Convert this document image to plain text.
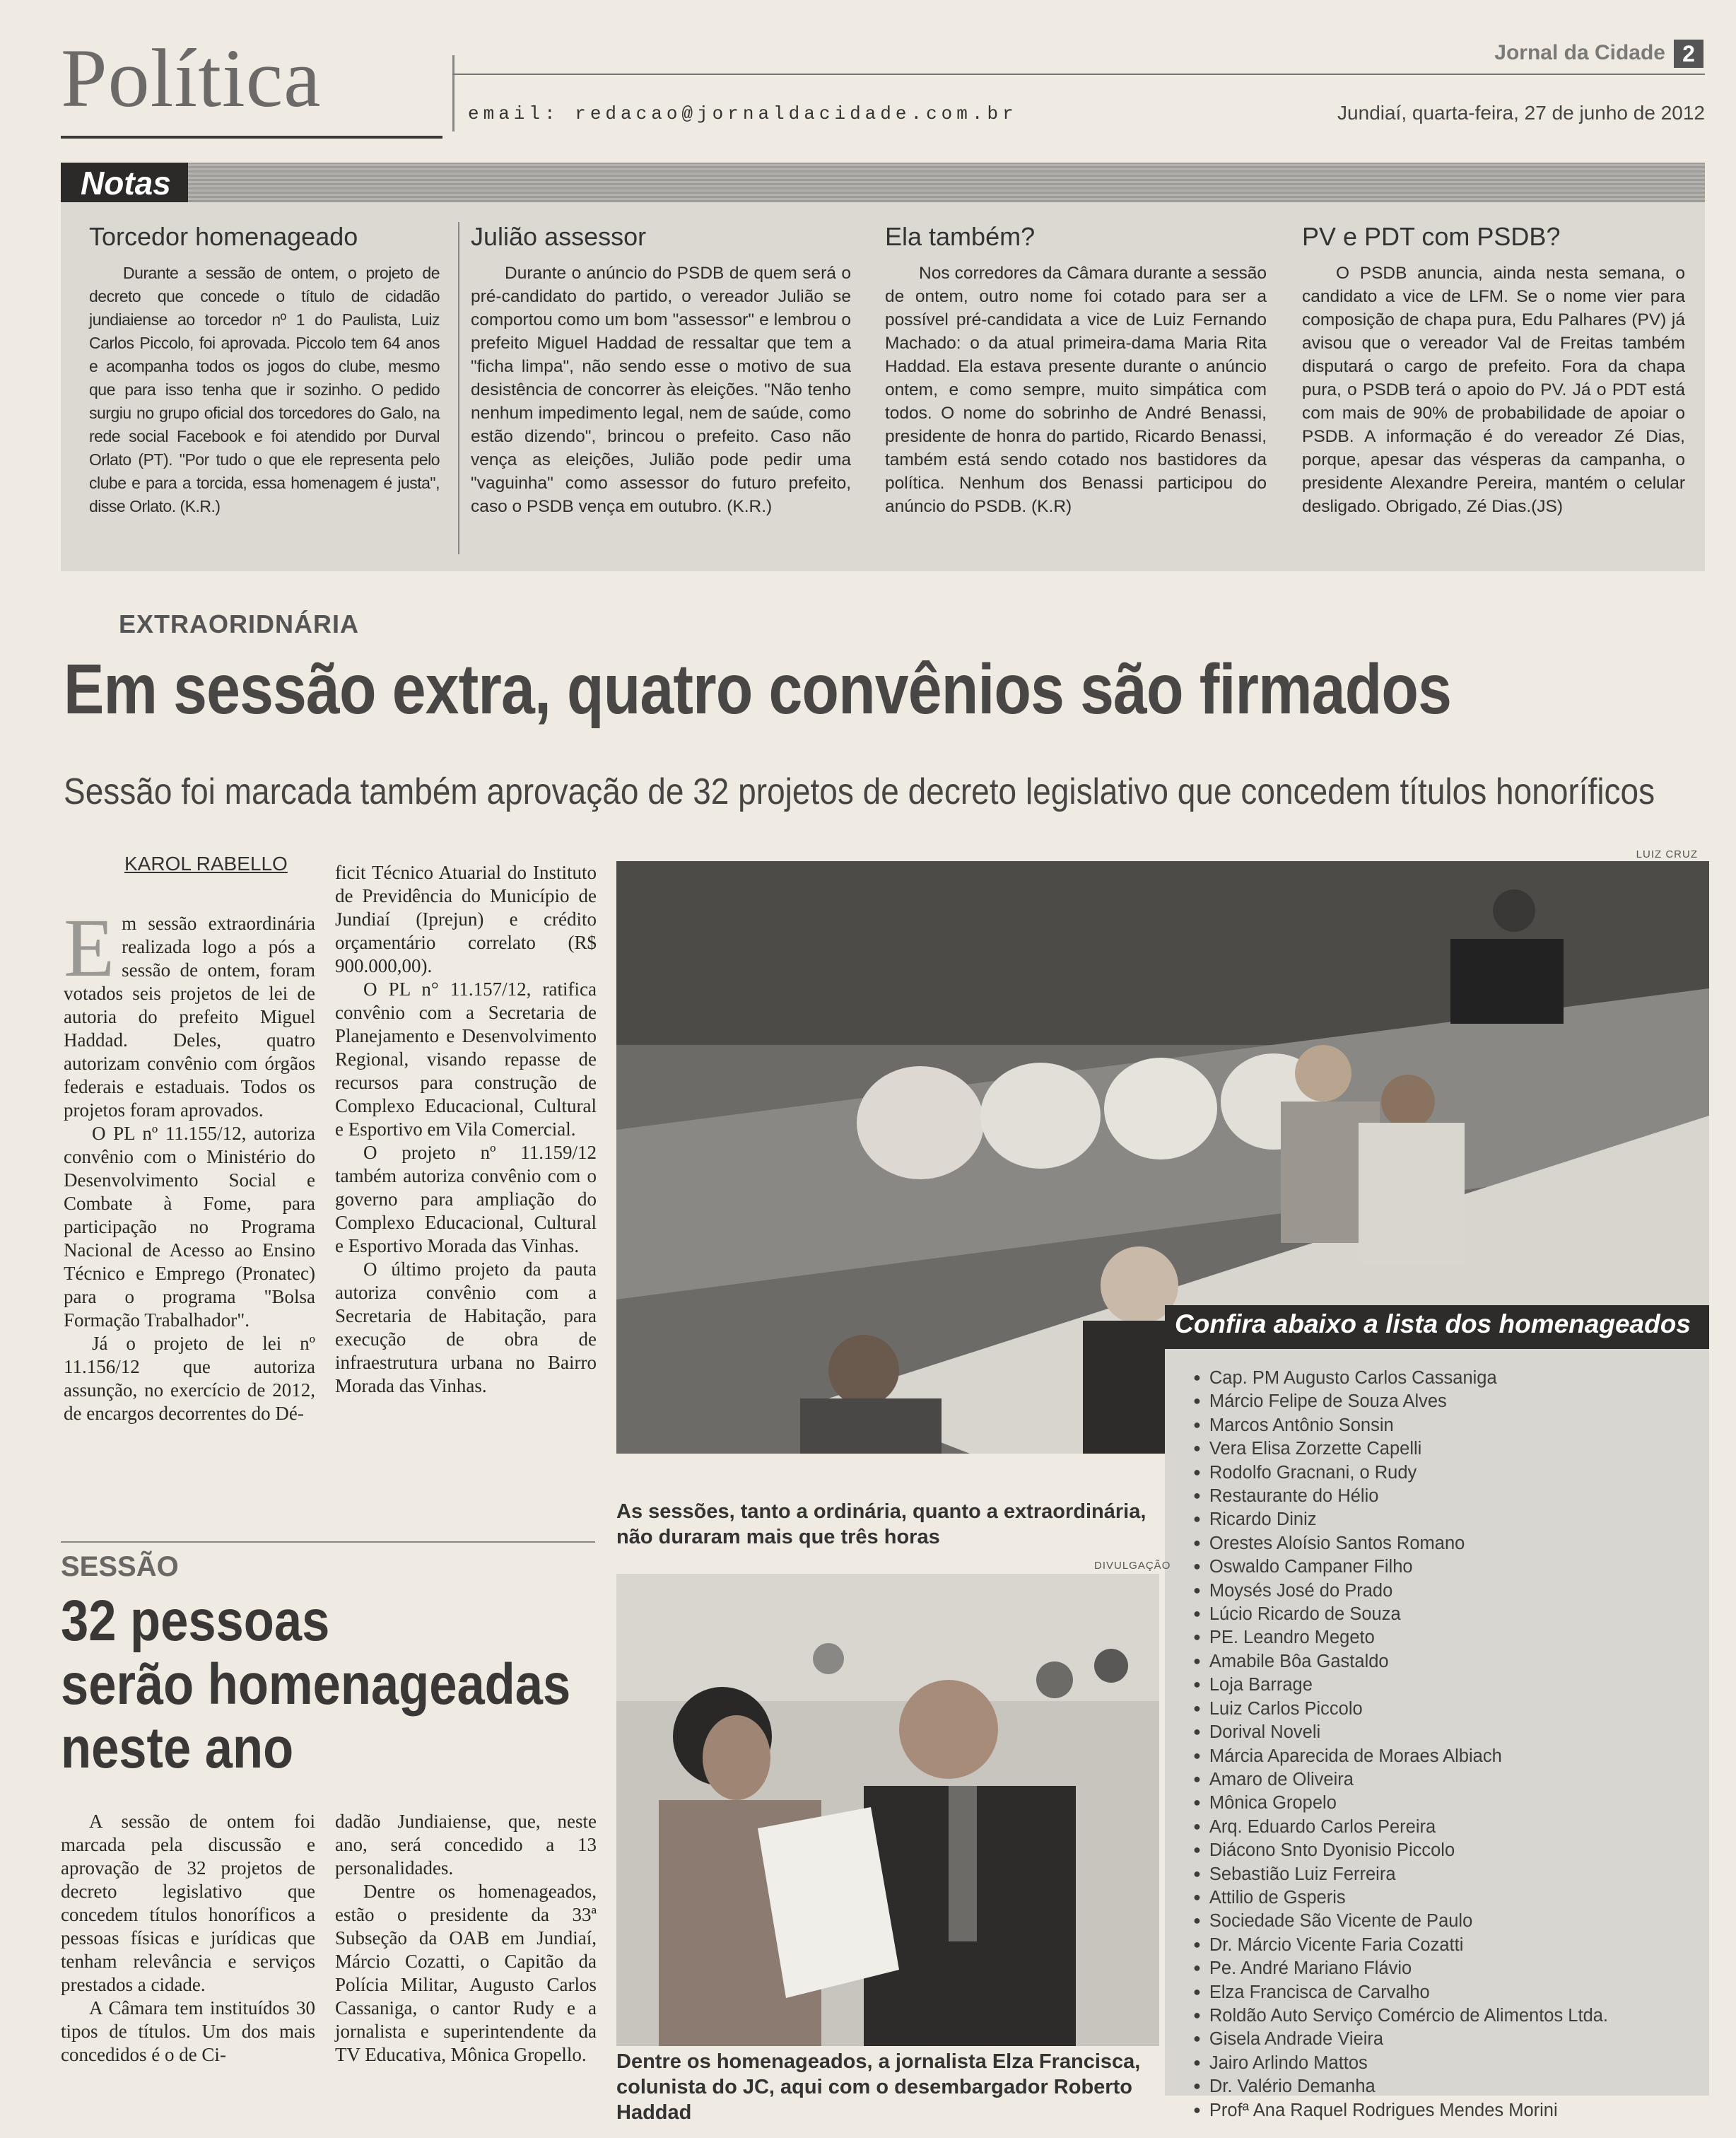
Política	email: redacao@jornaldacidade.com.br
Jornal da Cidade 2
Jundiaí, quarta-feira, 27 de junho de 2012
Notas

Torcedor homenageado

Durante a sessão de ontem, o projeto de decreto que concede o título de cidadão jundiaiense ao torcedor nº 1 do Paulista, Luiz Carlos Piccolo, foi aprovada. Piccolo tem 64 anos e acompanha todos os jogos do clube, mesmo que para isso tenha que ir sozinho. O pedido surgiu no grupo oficial dos torcedores do Galo, na rede social Facebook e foi atendido por Durval Orlato (PT). "Por tudo o que ele representa pelo clube e para a torcida, essa homenagem é justa", disse Orlato. (K.R.)

Julião assessor

Durante o anúncio do PSDB de quem será o pré-candidato do partido, o vereador Julião se comportou como um bom "assessor" e lembrou o prefeito Miguel Haddad de ressaltar que tem a "ficha limpa", não sendo esse o motivo de sua desistência de concorrer às eleições. "Não tenho nenhum impedimento legal, nem de saúde, como estão dizendo", brincou o prefeito. Caso não vença as eleições, Julião pode pedir uma "vaguinha" como assessor do futuro prefeito, caso o PSDB vença em outubro. (K.R.)

Ela também?

Nos corredores da Câmara durante a sessão de ontem, outro nome foi cotado para ser a possível pré-candidata a vice de Luiz Fernando Machado: o da atual primeira-dama Maria Rita Haddad. Ela estava presente durante o anúncio ontem, e como sempre, muito simpática com todos. O nome do sobrinho de André Benassi, presidente de honra do partido, Ricardo Benassi, também está sendo cotado nos bastidores da política. Nenhum dos Benassi participou do anúncio do PSDB. (K.R)

PV e PDT com PSDB?

O PSDB anuncia, ainda nesta semana, o candidato a vice de LFM. Se o nome vier para composição de chapa pura, Edu Palhares (PV) já avisou que o vereador Val de Freitas também disputará o cargo de prefeito. Fora da chapa pura, o PSDB terá o apoio do PV. Já o PDT está com mais de 90% de probabilidade de apoiar o PSDB. A informação é do vereador Zé Dias, porque, apesar das vésperas da campanha, o presidente Alexandre Pereira, mantém o celular desligado. Obrigado, Zé Dias.(JS)

EXTRAORIDNÁRIA
Em sessão extra, quatro convênios são firmados
Sessão foi marcada também aprovação de 32 projetos de decreto legislativo que concedem títulos honoríficos
KAROL RABELLO
E m sessão extraordinária realizada logo a pós a sessão de ontem, foram votados seis projetos de lei de autoria do prefeito Miguel Haddad. Deles, quatro autorizam convênio com órgãos federais e estaduais. Todos os projetos foram aprovados.

O PL nº 11.155/12, autoriza convênio com o Ministério do Desenvolvimento Social e Combate à Fome, para participação no Programa Nacional de Acesso ao Ensino Técnico e Emprego (Pronatec) para o programa "Bolsa Formação Trabalhador".

Já o projeto de lei nº 11.156/12 que autoriza assunção, no exercício de 2012, de encargos decorrentes do Dé-

ficit Técnico Atuarial do Instituto de Previdência do Município de Jundiaí (Iprejun) e crédito orçamentário correlato (R$ 900.000,00).

O PL n° 11.157/12, ratifica convênio com a Secretaria de Planejamento e Desenvolvimento Regional, visando repasse de recursos para construção de Complexo Educacional, Cultural e Esportivo em Vila Comercial.

O projeto nº 11.159/12 também autoriza convênio com o governo para ampliação do Complexo Educacional, Cultural e Esportivo Morada das Vinhas.

O último projeto da pauta autoriza convênio com a Secretaria de Habitação, para execução de obra de infraestrutura urbana no Bairro Morada das Vinhas.

LUIZ CRUZ
As sessões, tanto a ordinária, quanto a extraordinária, não duraram mais que três horas
Confira abaixo a lista dos homenageados
● Cap. PM Augusto Carlos Cassaniga
● Márcio Felipe de Souza Alves
● Marcos Antônio Sonsin
● Vera Elisa Zorzette Capelli
● Rodolfo Gracnani, o Rudy
● Restaurante do Hélio
● Ricardo Diniz
● Orestes Aloísio Santos Romano
● Oswaldo Campaner Filho
● Moysés José do Prado
● Lúcio Ricardo de Souza
● PE. Leandro Megeto
● Amabile Bôa Gastaldo
● Loja Barrage
● Luiz Carlos Piccolo
● Dorival Noveli
● Márcia Aparecida de Moraes Albiach
● Amaro de Oliveira
● Mônica Gropelo
● Arq. Eduardo Carlos Pereira
● Diácono Snto Dyonisio Piccolo
● Sebastião Luiz Ferreira
● Attilio de Gsperis
● Sociedade São Vicente de Paulo
● Dr. Márcio Vicente Faria Cozatti
● Pe. André Mariano Flávio
● Elza Francisca de Carvalho
● Roldão Auto Serviço Comércio de Alimentos Ltda.
● Gisela Andrade Vieira
● Jairo Arlindo Mattos
● Dr. Valério Demanha
● Profª Ana Raquel Rodrigues Mendes Morini
SESSÃO
32 pessoas
serão homenageadas
neste ano

A sessão de ontem foi marcada pela discussão e aprovação de 32 projetos de decreto legislativo que concedem títulos honoríficos a pessoas físicas e jurídicas que tenham relevância e serviços prestados a cidade.

A Câmara tem instituídos 30 tipos de títulos. Um dos mais concedidos é o de Ci-

dadão Jundiaiense, que, neste ano, será concedido a 13 personalidades.

Dentre os homenageados, estão o presidente da 33ª Subseção da OAB em Jundiaí, Márcio Cozatti, o Capitão da Polícia Militar, Augusto Carlos Cassaniga, o cantor Rudy e a jornalista e superintendente da TV Educativa, Mônica Gropello.

DIVULGAÇÃO
Dentre os homenageados, a jornalista Elza Francisca, colunista do JC, aqui com o desembargador Roberto Haddad
